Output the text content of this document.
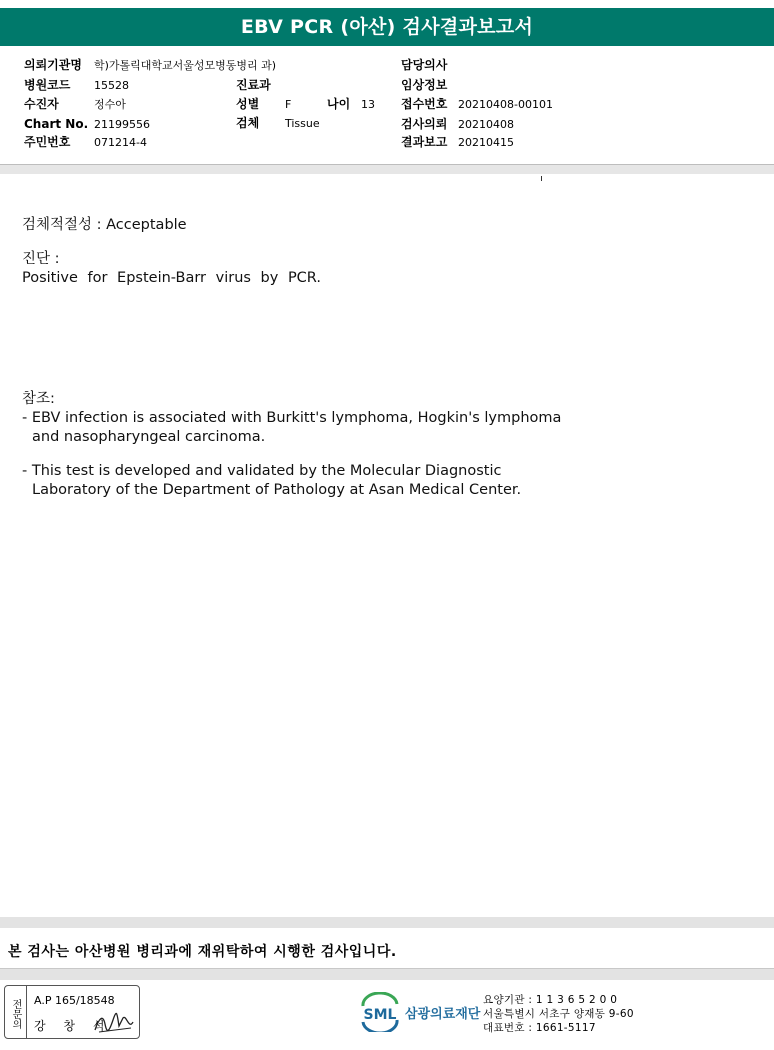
EBV PCR (아산) 검사결과보고서
의뢰기관명 학)가톨릭대학교서울성모병동병리 과)
병원코드 15528
수진자	정수아
Chart No. 21199556
주민번호 071214-4
진료과
성별 F	나이 13
검체 Tissue
담당의사
임상정보
접수번호 20210408-00101
검사의뢰 20210408
결과보고 20210415
검체적절성 : Acceptable
진단 :
Positive for Epstein-Barr virus by PCR.
참조:
- EBV infection is associated with Burkitt's lymphoma, Hogkin's lymphoma
and nasopharyngeal carcinoma.
- This test is developed and validated by the Molecular Diagnostic
Laboratory of the Department of Pathology at Asan Medical Center.
본 검사는 아산병원 병리과에 재위탁하여 시행한 검사입니다.
전문의	A.P 165/18548
강 창 석
SML 삼광의료재단
요양기관 : 1 1 3 6 5 2 0 0
서울특별시 서초구 양재동 9-60
대표번호 : 1661-5117
